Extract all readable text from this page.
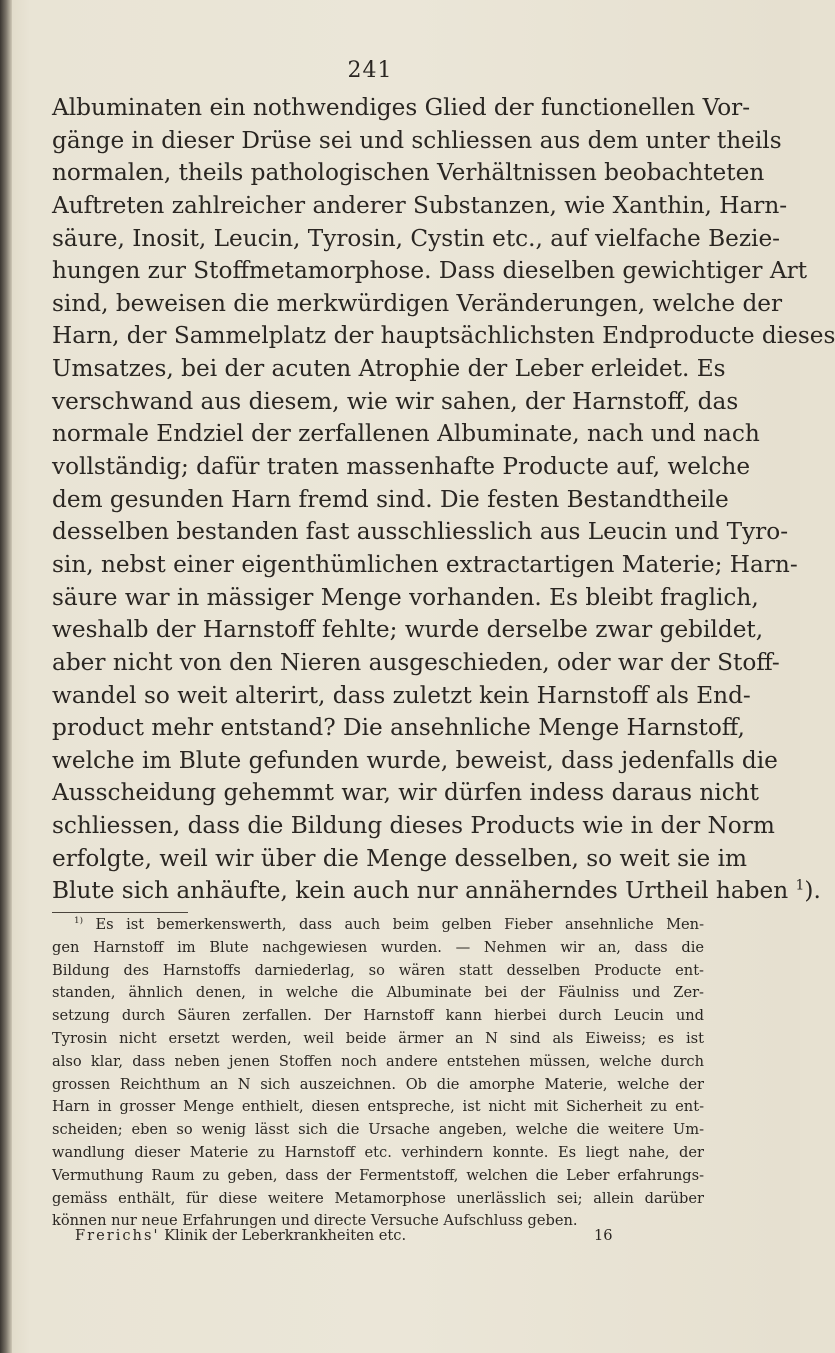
241
Albuminaten ein nothwendiges Glied der functionellen Vor-
gänge in dieser Drüse sei und schliessen aus dem unter theils
normalen, theils pathologischen Verhältnissen beobachteten
Auftreten zahlreicher anderer Substanzen, wie Xanthin, Harn-
säure, Inosit, Leucin, Tyrosin, Cystin etc., auf vielfache Bezie-
hungen zur Stoffmetamorphose. Dass dieselben gewichtiger Art
sind, beweisen die merkwürdigen Veränderungen, welche der
Harn, der Sammelplatz der hauptsächlichsten Endproducte dieses
Umsatzes, bei der acuten Atrophie der Leber erleidet. Es
verschwand aus diesem, wie wir sahen, der Harnstoff, das
normale Endziel der zerfallenen Albuminate, nach und nach
vollständig; dafür traten massenhafte Producte auf, welche
dem gesunden Harn fremd sind. Die festen Bestandtheile
desselben bestanden fast ausschliesslich aus Leucin und Tyro-
sin, nebst einer eigenthümlichen extractartigen Materie; Harn-
säure war in mässiger Menge vorhanden. Es bleibt fraglich,
weshalb der Harnstoff fehlte; wurde derselbe zwar gebildet,
aber nicht von den Nieren ausgeschieden, oder war der Stoff-
wandel so weit alterirt, dass zuletzt kein Harnstoff als End-
product mehr entstand? Die ansehnliche Menge Harnstoff,
welche im Blute gefunden wurde, beweist, dass jedenfalls die
Ausscheidung gehemmt war, wir dürfen indess daraus nicht
schliessen, dass die Bildung dieses Products wie in der Norm
erfolgte, weil wir über die Menge desselben, so weit sie im
Blute sich anhäufte, kein auch nur annäherndes Urtheil haben $^1$).
$^{1)}$ Es ist bemerkenswerth, dass auch beim gelben Fieber ansehnliche Men-
gen Harnstoff im Blute nachgewiesen wurden. — Nehmen wir an, dass die
Bildung des Harnstoffs darniederlag, so wären statt desselben Producte ent-
standen, ähnlich denen, in welche die Albuminate bei der Fäulniss und Zer-
setzung durch Säuren zerfallen. Der Harnstoff kann hierbei durch Leucin und
Tyrosin nicht ersetzt werden, weil beide ärmer an N sind als Eiweiss; es ist
also klar, dass neben jenen Stoffen noch andere entstehen müssen, welche durch
grossen Reichthum an N sich auszeichnen. Ob die amorphe Materie, welche der
Harn in grosser Menge enthielt, diesen entspreche, ist nicht mit Sicherheit zu ent-
scheiden; eben so wenig lässt sich die Ursache angeben, welche die weitere Um-
wandlung dieser Materie zu Harnstoff etc. verhindern konnte. Es liegt nahe, der
Vermuthung Raum zu geben, dass der Fermentstoff, welchen die Leber erfahrungs-
gemäss enthält, für diese weitere Metamorphose unerlässlich sei; allein darüber
können nur neue Erfahrungen und directe Versuche Aufschluss geben.
Frerichs' Klinik der Leberkrankheiten etc.	16
